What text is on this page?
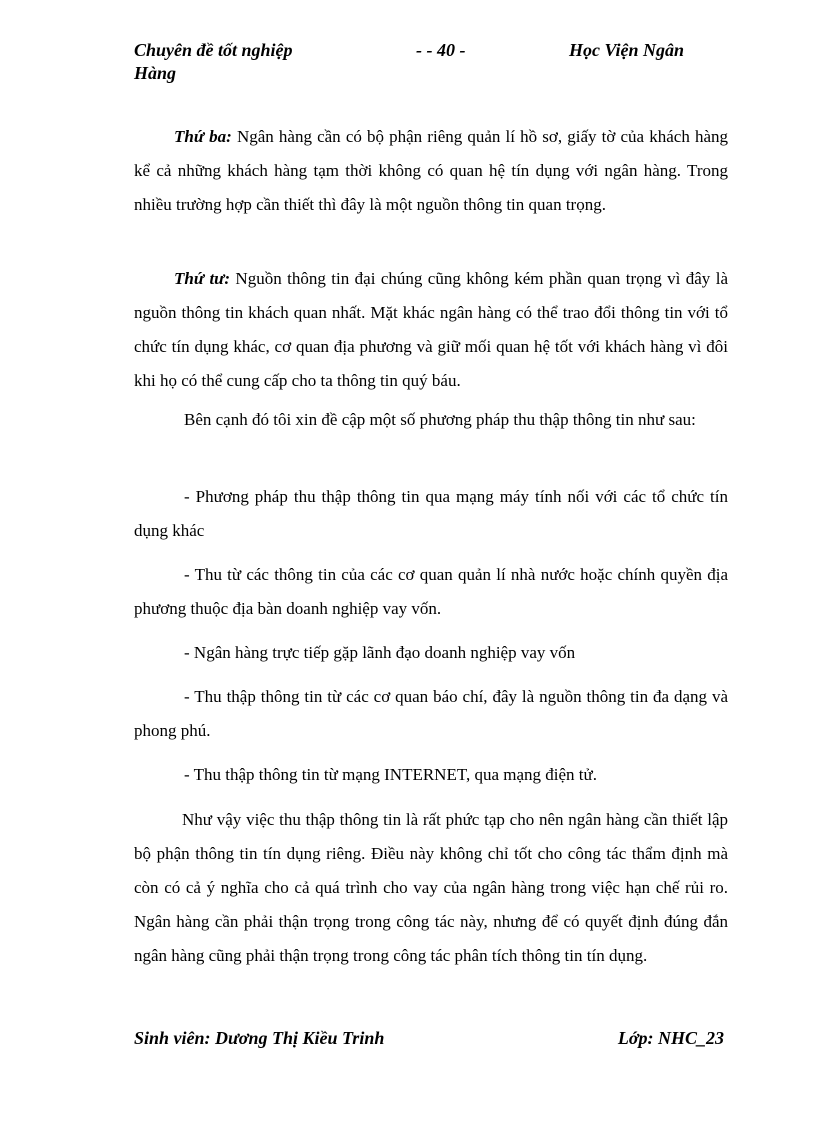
Chuyên đề tốt nghiệp
Hàng
- - 40 -	Học Viện Ngân

Thứ ba: Ngân hàng cần có bộ phận riêng quản lí hồ sơ, giấy tờ của khách hàng kể cả những khách hàng tạm thời không có quan hệ tín dụng với ngân hàng. Trong nhiều trường hợp cần thiết thì đây là một nguồn thông tin quan trọng.

Thứ tư: Nguồn thông tin đại chúng cũng không kém phần quan trọng vì đây là nguồn thông tin khách quan nhất. Mặt khác ngân hàng có thể trao đổi thông tin với tổ chức tín dụng khác, cơ quan địa phương và giữ mối quan hệ tốt với khách hàng vì đôi khi họ có thể cung cấp cho ta thông tin quý báu.

Bên cạnh đó tôi xin đề cập một số phương pháp thu thập thông tin như sau:

- Phương pháp thu thập thông tin qua mạng máy tính nối với các tổ chức tín dụng khác

- Thu từ các thông tin của các cơ quan quản lí nhà nước hoặc chính quyền địa phương thuộc địa bàn doanh nghiệp vay vốn.

- Ngân hàng trực tiếp gặp lãnh đạo doanh nghiệp vay vốn

- Thu thập thông tin từ các cơ quan báo chí, đây là nguồn thông tin đa dạng và phong phú.

- Thu thập thông tin từ mạng INTERNET, qua mạng điện tử.

Như vậy việc thu thập thông tin là rất phức tạp cho nên ngân hàng cần thiết lập bộ phận thông tin tín dụng riêng. Điều này không chỉ tốt cho công tác thẩm định mà còn có cả ý nghĩa cho cả quá trình cho vay của ngân hàng trong việc hạn chế rủi ro. Ngân hàng cần phải thận trọng trong công tác này, nhưng để có quyết định đúng đắn ngân hàng cũng phải thận trọng trong công tác phân tích thông tin tín dụng.

Sinh viên: Dương Thị Kiều Trinh	Lớp: NHC_23
